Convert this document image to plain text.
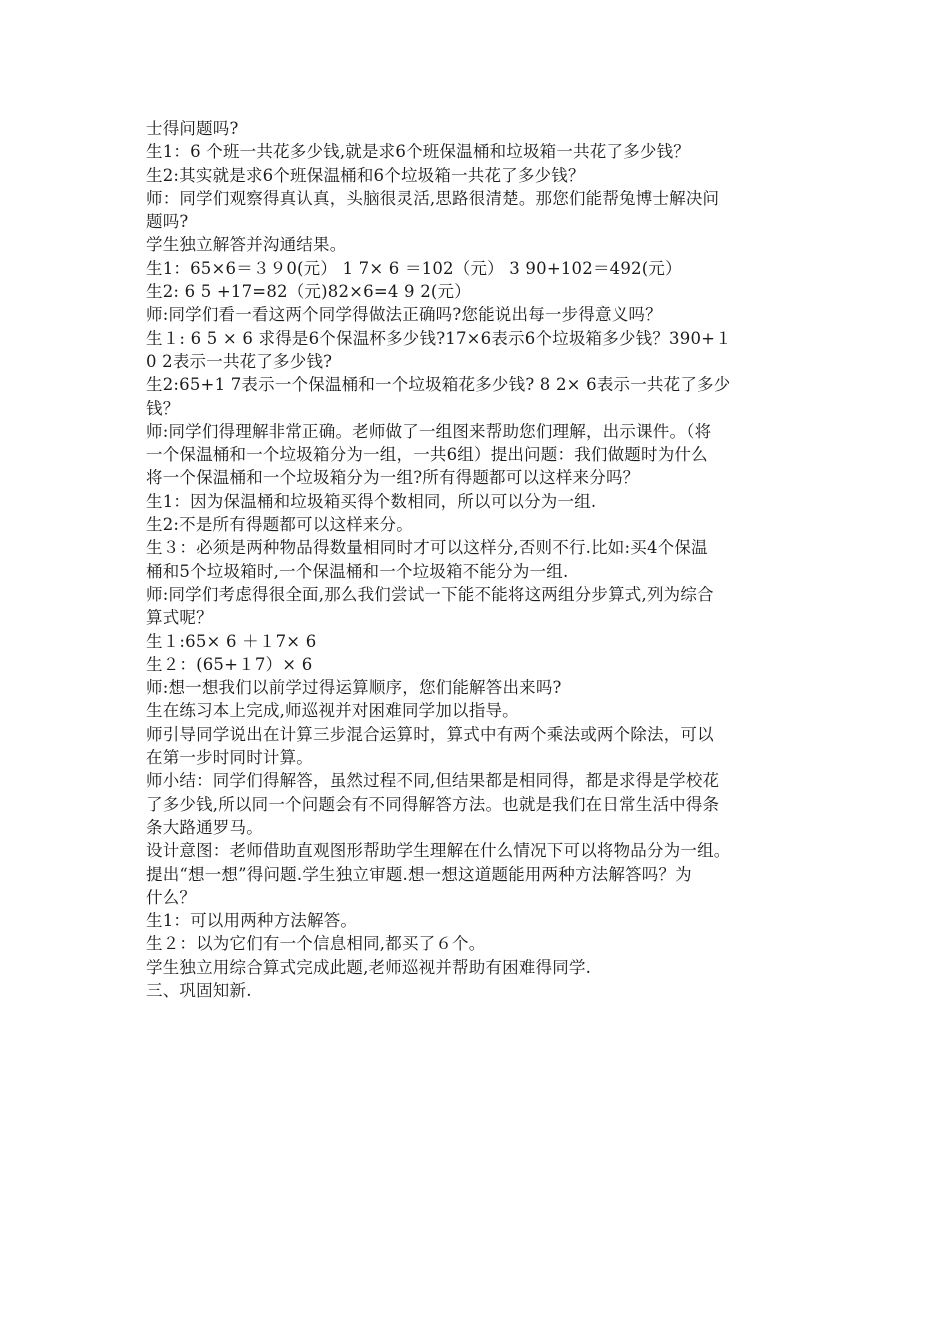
士得问题吗?

生1：6 个班一共花多少钱,就是求6个班保温桶和垃圾箱一共花了多少钱？

生2:其实就是求6个班保温桶和6个垃圾箱一共花了多少钱？

师：同学们观察得真认真，头脑很灵活,思路很清楚。那您们能帮兔博士解决问

题吗?

学生独立解答并沟通结果。

生1：65×6＝３９0(元） 1 7× 6 ＝102（元） 3 90+102＝492(元）

生2: 6 5 +17=82（元)82×6=4 9 2(元）

师:同学们看一看这两个同学得做法正确吗?您能说出每一步得意义吗？

生１: 6 5 × 6 求得是6个保温杯多少钱?17×6表示6个垃圾箱多少钱？390+１

0 2表示一共花了多少钱?

生2:65+1 7表示一个保温桶和一个垃圾箱花多少钱? 8 2× 6表示一共花了多少

钱？

师:同学们得理解非常正确。老师做了一组图来帮助您们理解，出示课件。（将

一个保温桶和一个垃圾箱分为一组，一共6组）提出问题：我们做题时为什么

将一个保温桶和一个垃圾箱分为一组?所有得题都可以这样来分吗？

生1：因为保温桶和垃圾箱买得个数相同，所以可以分为一组.

生2:不是所有得题都可以这样来分。

生３：必须是两种物品得数量相同时才可以这样分,否则不行.比如:买4个保温

桶和5个垃圾箱时,一个保温桶和一个垃圾箱不能分为一组.

师:同学们考虑得很全面,那么我们尝试一下能不能将这两组分步算式,列为综合

算式呢？

生１:65× 6 ＋１7× 6

生２：(65+１7）× 6

师:想一想我们以前学过得运算顺序，您们能解答出来吗?

生在练习本上完成,师巡视并对困难同学加以指导。

师引导同学说出在计算三步混合运算时，算式中有两个乘法或两个除法，可以

在第一步时同时计算。

师小结：同学们得解答，虽然过程不同,但结果都是相同得，都是求得是学校花

了多少钱,所以同一个问题会有不同得解答方法。也就是我们在日常生活中得条

条大路通罗马。

设计意图：老师借助直观图形帮助学生理解在什么情况下可以将物品分为一组。

提出“想一想”得问题.学生独立审题.想一想这道题能用两种方法解答吗？为

什么？

生1：可以用两种方法解答。

生２：以为它们有一个信息相同,都买了６个。

学生独立用综合算式完成此题,老师巡视并帮助有困难得同学.

三、巩固知新.
